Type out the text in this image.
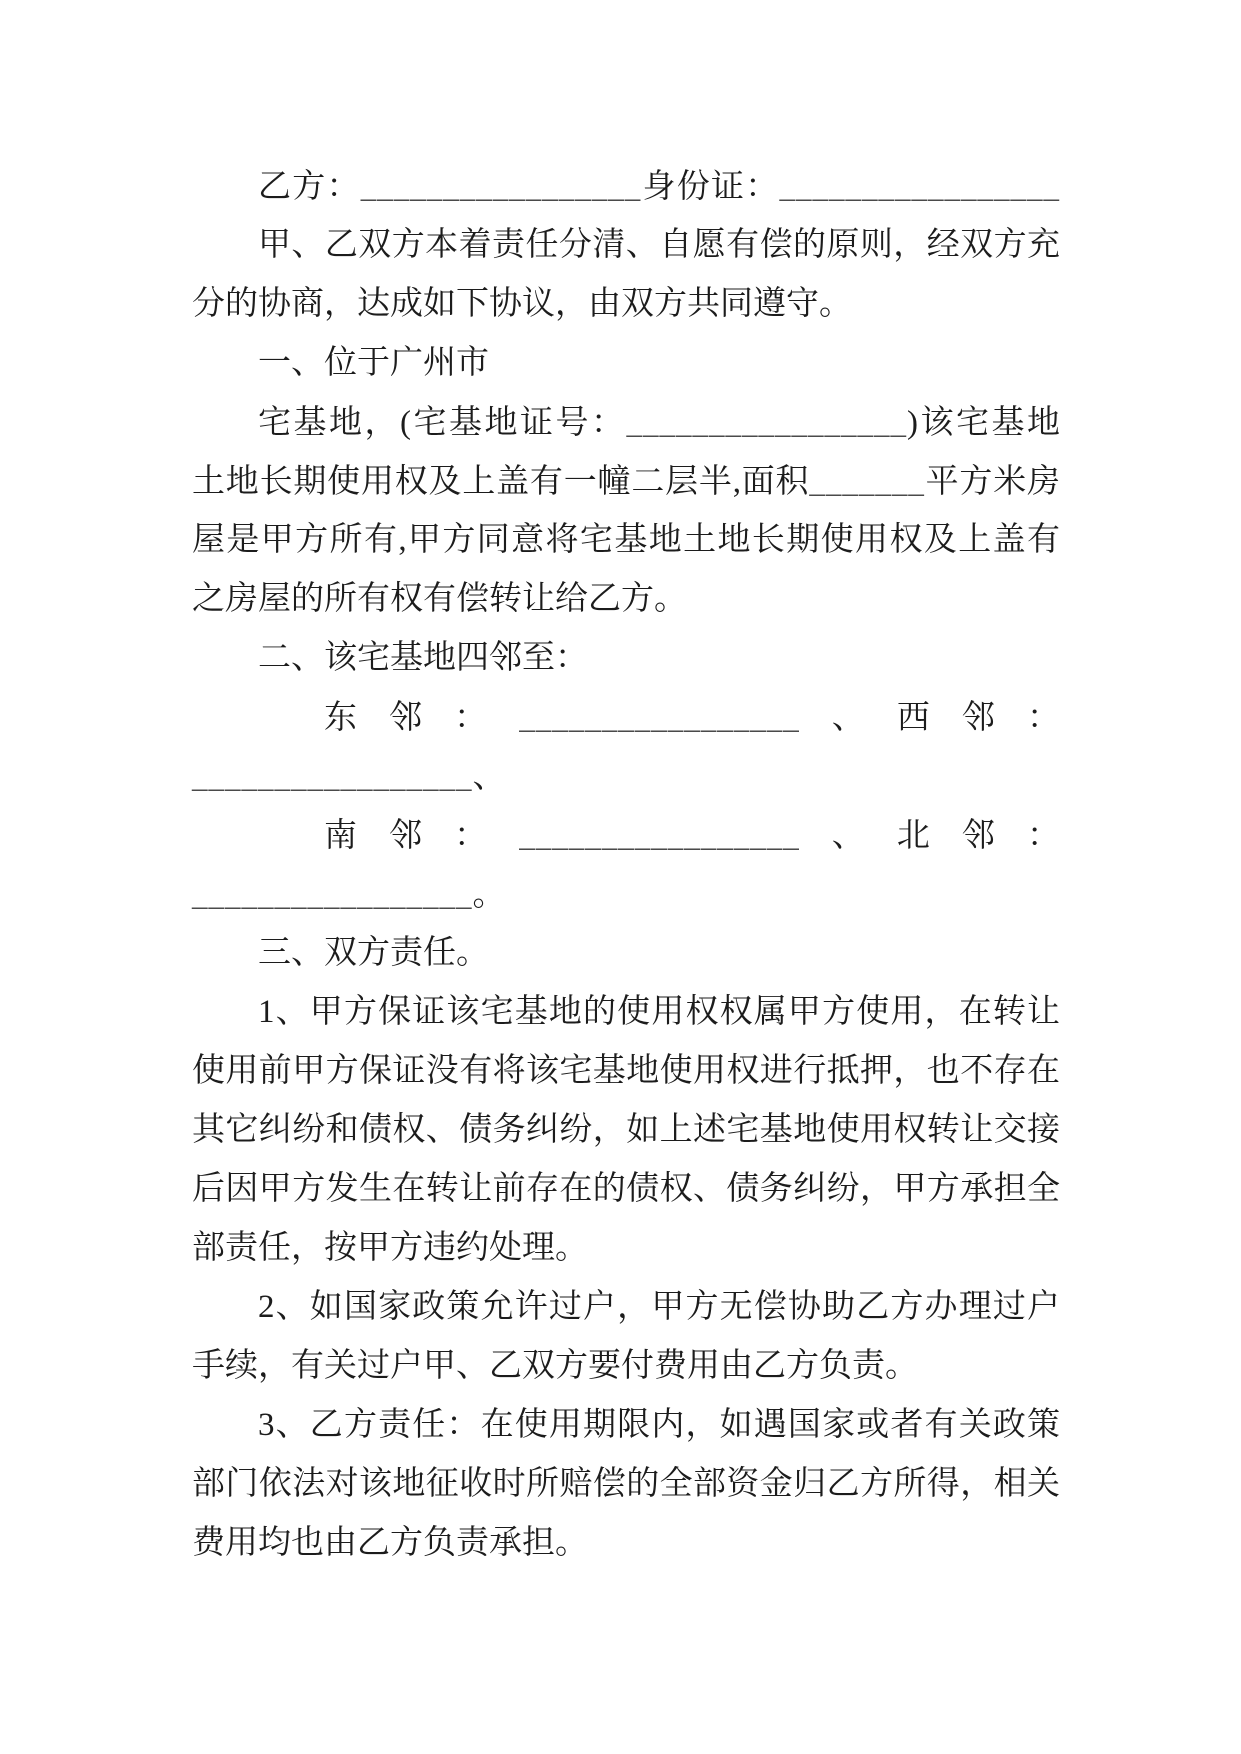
乙方：_________________身份证：_________________
甲、乙双方本着责任分清、自愿有偿的原则，经双方充
分的协商，达成如下协议，由双方共同遵守。
一、位于广州市
宅基地，(宅基地证号：_________________)该宅基地
土地长期使用权及上盖有一幢二层半,面积_______平方米房
屋是甲方所有,甲方同意将宅基地土地长期使用权及上盖有
之房屋的所有权有偿转让给乙方。
二、该宅基地四邻至：
东 邻 ： _________________ 、 西 邻 ：
_________________、
南 邻 ： _________________ 、 北 邻 ：
_________________。
三、双方责任。
1、甲方保证该宅基地的使用权权属甲方使用，在转让
使用前甲方保证没有将该宅基地使用权进行抵押，也不存在
其它纠纷和债权、债务纠纷，如上述宅基地使用权转让交接
后因甲方发生在转让前存在的债权、债务纠纷，甲方承担全
部责任，按甲方违约处理。
2、如国家政策允许过户，甲方无偿协助乙方办理过户
手续，有关过户甲、乙双方要付费用由乙方负责。
3、乙方责任：在使用期限内，如遇国家或者有关政策
部门依法对该地征收时所赔偿的全部资金归乙方所得，相关
费用均也由乙方负责承担。
